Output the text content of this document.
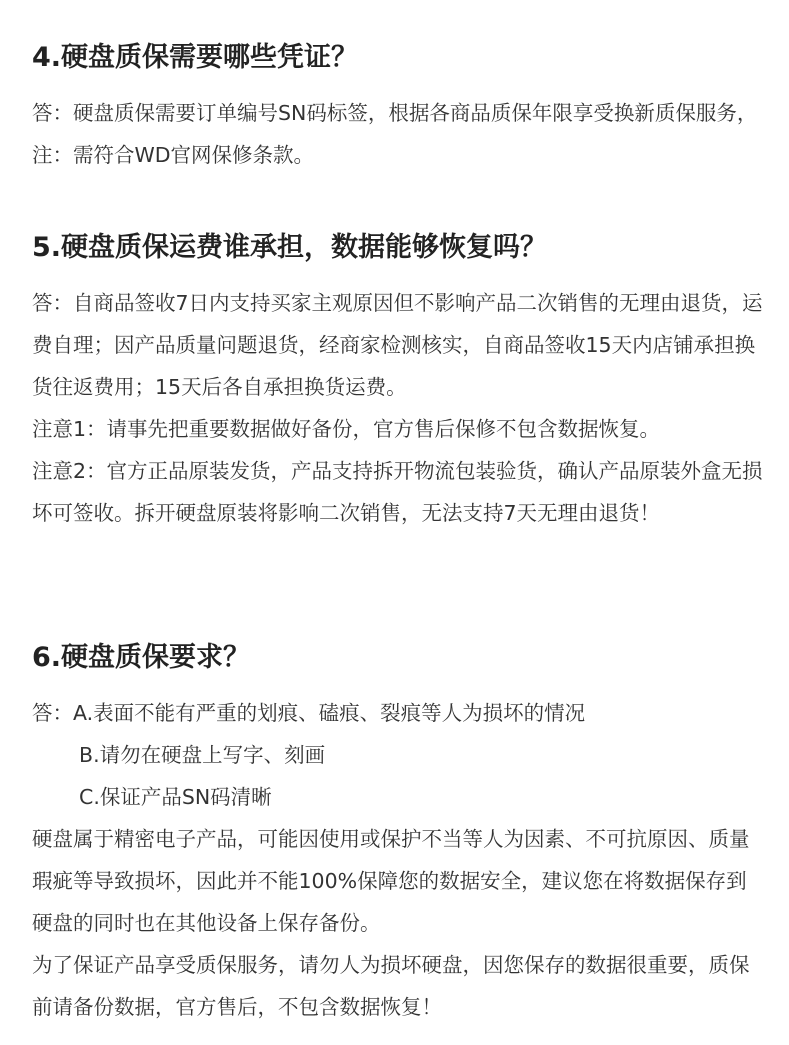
4.硬盘质保需要哪些凭证？

答：硬盘质保需要订单编号SN码标签，根据各商品质保年限享受换新质保服务，注：需符合WD官网保修条款。

5.硬盘质保运费谁承担，数据能够恢复吗？

答：自商品签收7日内支持买家主观原因但不影响产品二次销售的无理由退货，运费自理；因产品质量问题退货，经商家检测核实，自商品签收15天内店铺承担换货往返费用；15天后各自承担换货运费。

注意1：请事先把重要数据做好备份，官方售后保修不包含数据恢复。

注意2：官方正品原装发货，产品支持拆开物流包装验货，确认产品原装外盒无损坏可签收。拆开硬盘原装将影响二次销售，无法支持7天无理由退货！

6.硬盘质保要求？

答：A.表面不能有严重的划痕、磕痕、裂痕等人为损坏的情况

B.请勿在硬盘上写字、刻画

C.保证产品SN码清晰

硬盘属于精密电子产品，可能因使用或保护不当等人为因素、不可抗原因、质量瑕疵等导致损坏，因此并不能100%保障您的数据安全，建议您在将数据保存到硬盘的同时也在其他设备上保存备份。

为了保证产品享受质保服务，请勿人为损坏硬盘，因您保存的数据很重要，质保前请备份数据，官方售后，不包含数据恢复！
